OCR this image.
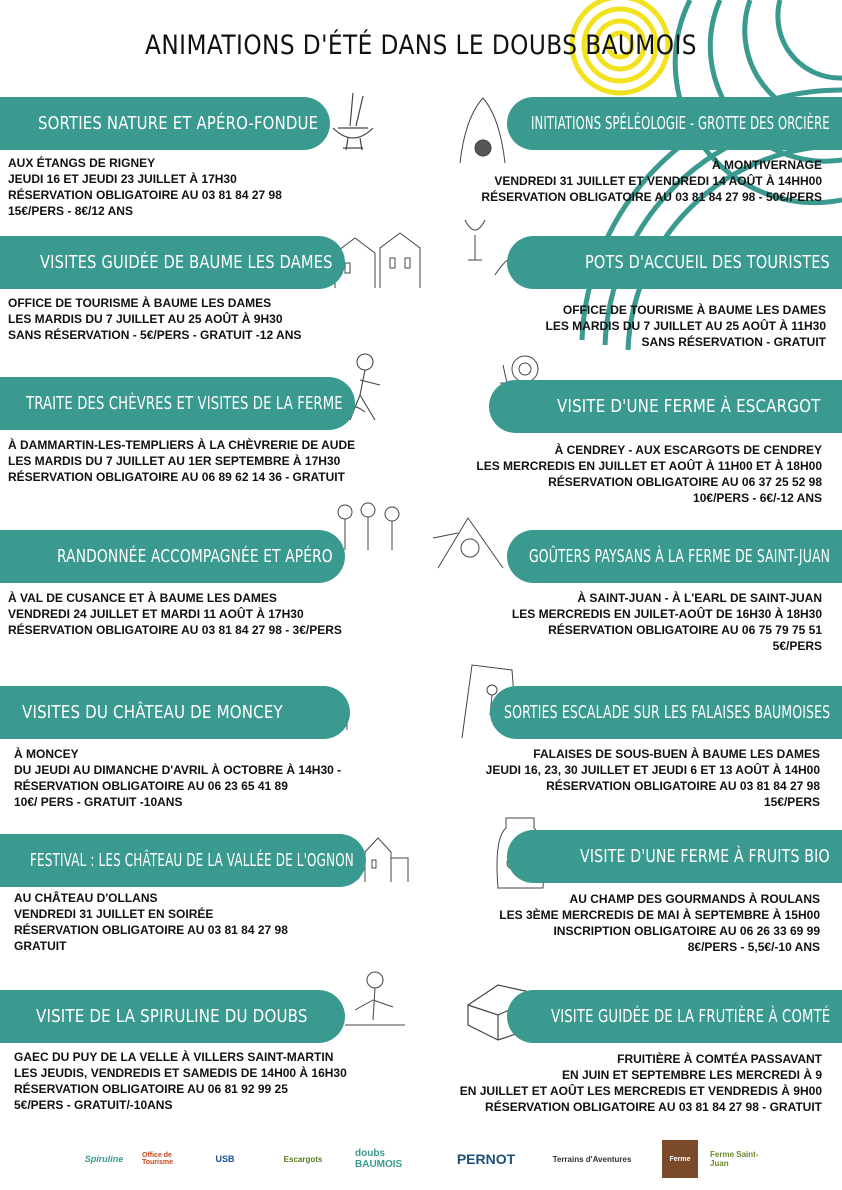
ANIMATIONS D'ÉTÉ DANS LE DOUBS BAUMOIS
SORTIES NATURE ET APÉRO-FONDUE
AUX ÉTANGS DE RIGNEY
JEUDI 16 ET JEUDI 23 JUILLET À 17H30
RÉSERVATION OBLIGATOIRE AU 03 81 84 27 98
15€/PERS - 8€/12 ANS
VISITES GUIDÉE DE BAUME LES DAMES
OFFICE DE TOURISME À BAUME LES DAMES
LES MARDIS DU 7 JUILLET AU 25 AOÛT À 9H30
SANS RÉSERVATION - 5€/PERS - GRATUIT -12 ANS
TRAITE DES CHÈVRES ET VISITES DE LA FERME
À DAMMARTIN-LES-TEMPLIERS À LA CHÈVRERIE DE AUDE
LES MARDIS DU 7 JUILLET AU 1ER SEPTEMBRE À 17H30
RÉSERVATION OBLIGATOIRE AU 06 89 62 14 36 - GRATUIT
RANDONNÉE ACCOMPAGNÉE ET APÉRO
À VAL DE CUSANCE ET À BAUME LES DAMES
VENDREDI 24 JUILLET ET MARDI 11 AOÛT À 17H30
RÉSERVATION OBLIGATOIRE AU 03 81 84 27 98 - 3€/PERS
VISITES DU CHÂTEAU DE MONCEY
À MONCEY
DU JEUDI AU DIMANCHE D'AVRIL À OCTOBRE À 14H30 -
RÉSERVATION OBLIGATOIRE AU 06 23 65 41 89
10€/ PERS - GRATUIT -10ANS
FESTIVAL : LES CHÂTEAU DE LA VALLÉE DE L'OGNON
AU CHÂTEAU D'OLLANS
VENDREDI 31 JUILLET EN SOIRÉE
RÉSERVATION OBLIGATOIRE AU 03 81 84 27 98
GRATUIT
VISITE DE LA SPIRULINE DU DOUBS
GAEC DU PUY DE LA VELLE À VILLERS SAINT-MARTIN
LES JEUDIS, VENDREDIS ET SAMEDIS DE 14H00 À 16H30
RÉSERVATION OBLIGATOIRE AU 06 81 92 99 25
5€/PERS - GRATUIT/-10ANS
INITIATIONS SPÉLÉOLOGIE - GROTTE DES ORCIÈRE
À MONTIVERNAGE
VENDREDI 31 JUILLET ET VENDREDI 14 AOÛT À 14HH00
RÉSERVATION OBLIGATOIRE AU 03 81 84 27 98 - 50€/PERS
POTS D'ACCUEIL DES TOURISTES
OFFICE DE TOURISME À BAUME LES DAMES
LES MARDIS DU 7 JUILLET AU 25 AOÛT À 11H30
SANS RÉSERVATION - GRATUIT
VISITE D'UNE FERME À ESCARGOT
À CENDREY - AUX ESCARGOTS DE CENDREY
LES MERCREDIS EN JUILLET ET AOÛT À 11H00 ET À 18H00
RÉSERVATION OBLIGATOIRE AU 06 37 25 52 98
10€/PERS - 6€/-12 ANS
GOÛTERS PAYSANS À LA FERME DE SAINT-JUAN
À SAINT-JUAN - À L'EARL DE SAINT-JUAN
LES MERCREDIS EN JUILET-AOÛT DE 16H30 À 18H30
RÉSERVATION OBLIGATOIRE AU 06 75 79 75 51
5€/PERS
SORTIES ESCALADE SUR LES FALAISES BAUMOISES
FALAISES DE SOUS-BUEN À BAUME LES DAMES
JEUDI 16, 23, 30 JUILLET ET JEUDI 6 ET 13 AOÛT À 14H00
RÉSERVATION OBLIGATOIRE AU 03 81 84 27 98
15€/PERS
VISITE D'UNE FERME À FRUITS BIO
AU CHAMP DES GOURMANDS À ROULANS
LES 3ÈME MERCREDIS DE MAI À SEPTEMBRE À 15H00
INSCRIPTION OBLIGATOIRE AU 06 26 33 69 99
8€/PERS - 5,5€/-10 ANS
VISITE GUIDÉE DE LA FRUTIÈRE À COMTÉ
FRUITIÈRE À COMTÉA PASSAVANT
EN JUIN ET SEPTEMBRE LES MERCREDI À 9
EN JUILLET ET AOÛT LES MERCREDIS ET VENDREDIS À 9H00
RÉSERVATION OBLIGATOIRE AU 03 81 84 27 98 - GRATUIT
Spiruline	Office de Tourisme	USB	Escargots	doubs BAUMOIS	PERNOT	Terrains d'Aventures	Ferme	Ferme Saint-Juan
